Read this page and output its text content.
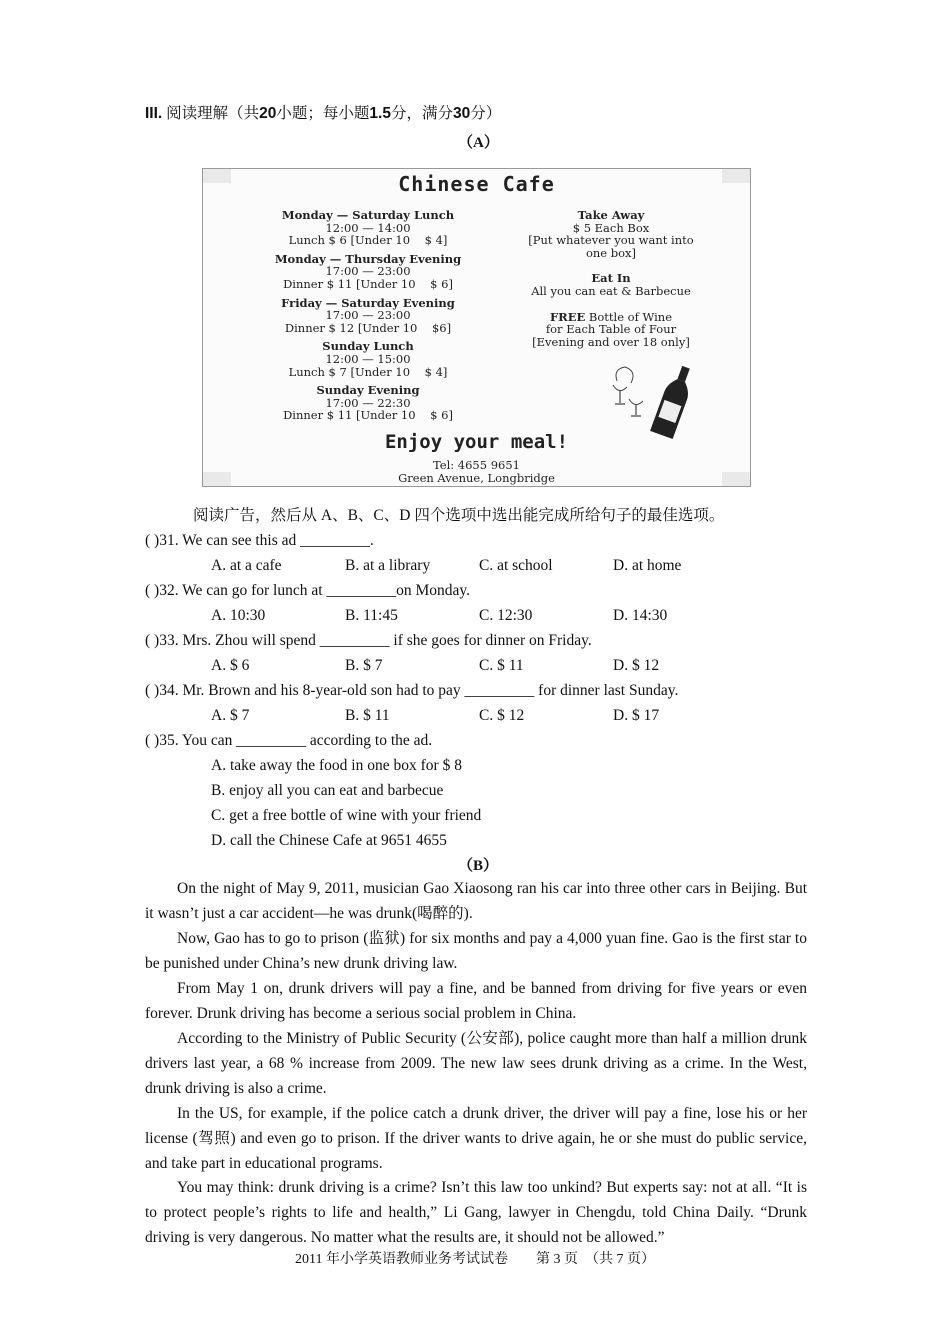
III. 阅读理解（共20小题；每小题1.5分，满分30分）
（A）
Chinese Cafe
Monday — Saturday Lunch
12:00 — 14:00
Lunch $ 6 [Under 10    $ 4]
Monday — Thursday Evening
17:00 — 23:00
Dinner $ 11 [Under 10    $ 6]
Friday — Saturday Evening
17:00 — 23:00
Dinner $ 12 [Under 10    $6]
Sunday Lunch
12:00 — 15:00
Lunch $ 7 [Under 10    $ 4]
Sunday Evening
17:00 — 22:30
Dinner $ 11 [Under 10    $ 6]
Take Away
$ 5 Each Box
[Put whatever you want into
one box]
Eat In
All you can eat & Barbecue
FREE Bottle of Wine
for Each Table of Four
[Evening and over 18 only]
Enjoy your meal!
Tel: 4655 9651
Green Avenue, Longbridge
阅读广告，然后从 A、B、C、D 四个选项中选出能完成所给句子的最佳选项。
( )31. We can see this ad _________.
A. at a cafe	B. at a library	C. at school	D. at home
( )32. We can go for lunch at _________on Monday.
A. 10:30	B. 11:45	C. 12:30	D. 14:30
( )33. Mrs. Zhou will spend _________ if she goes for dinner on Friday.
A. $ 6	B. $ 7	C. $ 11	D. $ 12
( )34. Mr. Brown and his 8-year-old son had to pay _________ for dinner last Sunday.
A. $ 7	B. $ 11	C. $ 12	D. $ 17
( )35. You can _________ according to the ad.
A. take away the food in one box for $ 8
B. enjoy all you can eat and barbecue
C. get a free bottle of wine with your friend
D. call the Chinese Cafe at 9651 4655
（B）
On the night of May 9, 2011, musician Gao Xiaosong ran his car into three other cars in Beijing. But it wasn’t just a car accident—he was drunk(喝醉的).
Now, Gao has to go to prison (监狱) for six months and pay a 4,000 yuan fine. Gao is the first star to be punished under China’s new drunk driving law.
From May 1 on, drunk drivers will pay a fine, and be banned from driving for five years or even forever. Drunk driving has become a serious social problem in China.
According to the Ministry of Public Security (公安部), police caught more than half a million drunk drivers last year, a 68 % increase from 2009. The new law sees drunk driving as a crime. In the West, drunk driving is also a crime.
In the US, for example, if the police catch a drunk driver, the driver will pay a fine, lose his or her license (驾照) and even go to prison. If the driver wants to drive again, he or she must do public service, and take part in educational programs.
You may think: drunk driving is a crime? Isn’t this law too unkind? But experts say: not at all. “It is to protect people’s rights to life and health,” Li Gang, lawyer in Chengdu, told China Daily. “Drunk driving is very dangerous. No matter what the results are, it should not be allowed.”
2011 年小学英语教师业务考试试卷　　第 3 页　（共 7 页）
